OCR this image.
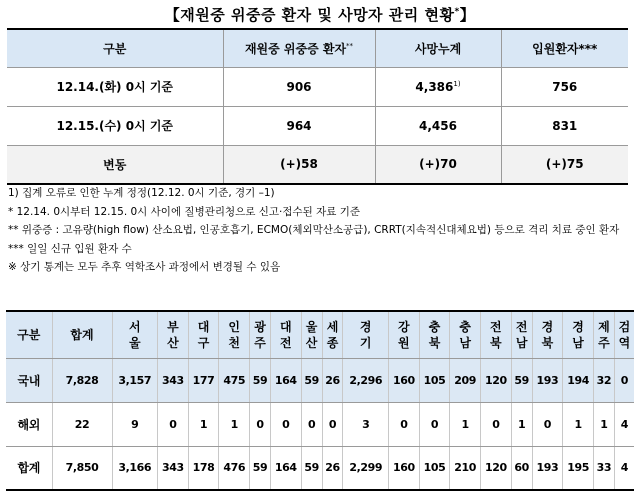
【재원중 위중증 환자 및 사망자 관리 현황*】
구분	재원중 위중증 환자**	사망누계	입원환자***
12.14.(화) 0시 기준	906	4,386$^{1)}$	756
12.15.(수) 0시 기준	964	4,456	831
변동	(+)58	(+)70	(+)75
1) 집계 오류로 인한 누계 정정(12.12. 0시 기준, 경기 –1)
* 12.14. 0시부터 12.15. 0시 사이에 질병관리청으로 신고·접수된 자료 기준
** 위중증 : 고유량(high flow) 산소요법, 인공호흡기, ECMO(체외막산소공급), CRRT(지속적신대체요법) 등으로 격리 치료 중인 환자
*** 일일 신규 입원 환자 수
※ 상기 통계는 모두 추후 역학조사 과정에서 변경될 수 있음
구분	합계	서울	부산	대구	인천	광주	대전	울산	세종	경기	강원	충북	충남	전북	전남	경북	경남	제주	검역
국내	7,828	3,157	343	177	475	59	164	59	26	2,296	160	105	209	120	59	193	194	32	0
해외	22	9	0	1	1	0	0	0	0	3	0	0	1	0	1	0	1	1	4
합계	7,850	3,166	343	178	476	59	164	59	26	2,299	160	105	210	120	60	193	195	33	4
